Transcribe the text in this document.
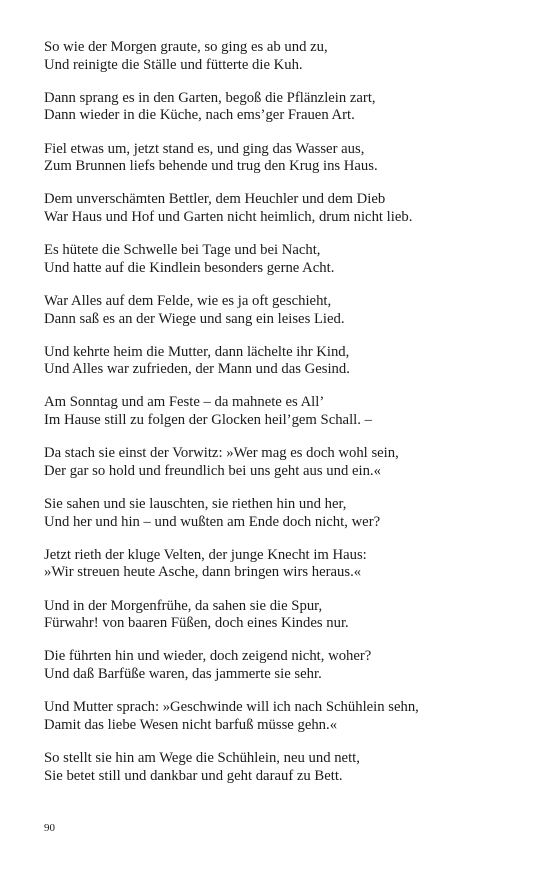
So wie der Morgen graute, so ging es ab und zu,
Und reinigte die Ställe und fütterte die Kuh.
Dann sprang es in den Garten, begoß die Pflänzlein zart,
Dann wieder in die Küche, nach ems’ger Frauen Art.
Fiel etwas um, jetzt stand es, und ging das Wasser aus,
Zum Brunnen liefs behende und trug den Krug ins Haus.
Dem unverschämten Bettler, dem Heuchler und dem Dieb
War Haus und Hof und Garten nicht heimlich, drum nicht lieb.
Es hütete die Schwelle bei Tage und bei Nacht,
Und hatte auf die Kindlein besonders gerne Acht.
War Alles auf dem Felde, wie es ja oft geschieht,
Dann saß es an der Wiege und sang ein leises Lied.
Und kehrte heim die Mutter, dann lächelte ihr Kind,
Und Alles war zufrieden, der Mann und das Gesind.
Am Sonntag und am Feste – da mahnete es All’
Im Hause still zu folgen der Glocken heil’gem Schall. –
Da stach sie einst der Vorwitz: »Wer mag es doch wohl sein,
Der gar so hold und freundlich bei uns geht aus und ein.«
Sie sahen und sie lauschten, sie riethen hin und her,
Und her und hin – und wußten am Ende doch nicht, wer?
Jetzt rieth der kluge Velten, der junge Knecht im Haus:
»Wir streuen heute Asche, dann bringen wirs heraus.«
Und in der Morgenfrühe, da sahen sie die Spur,
Fürwahr! von baaren Füßen, doch eines Kindes nur.
Die führten hin und wieder, doch zeigend nicht, woher?
Und daß Barfüße waren, das jammerte sie sehr.
Und Mutter sprach: »Geschwinde will ich nach Schühlein sehn,
Damit das liebe Wesen nicht barfuß müsse gehn.«
So stellt sie hin am Wege die Schühlein, neu und nett,
Sie betet still und dankbar und geht darauf zu Bett.
90
